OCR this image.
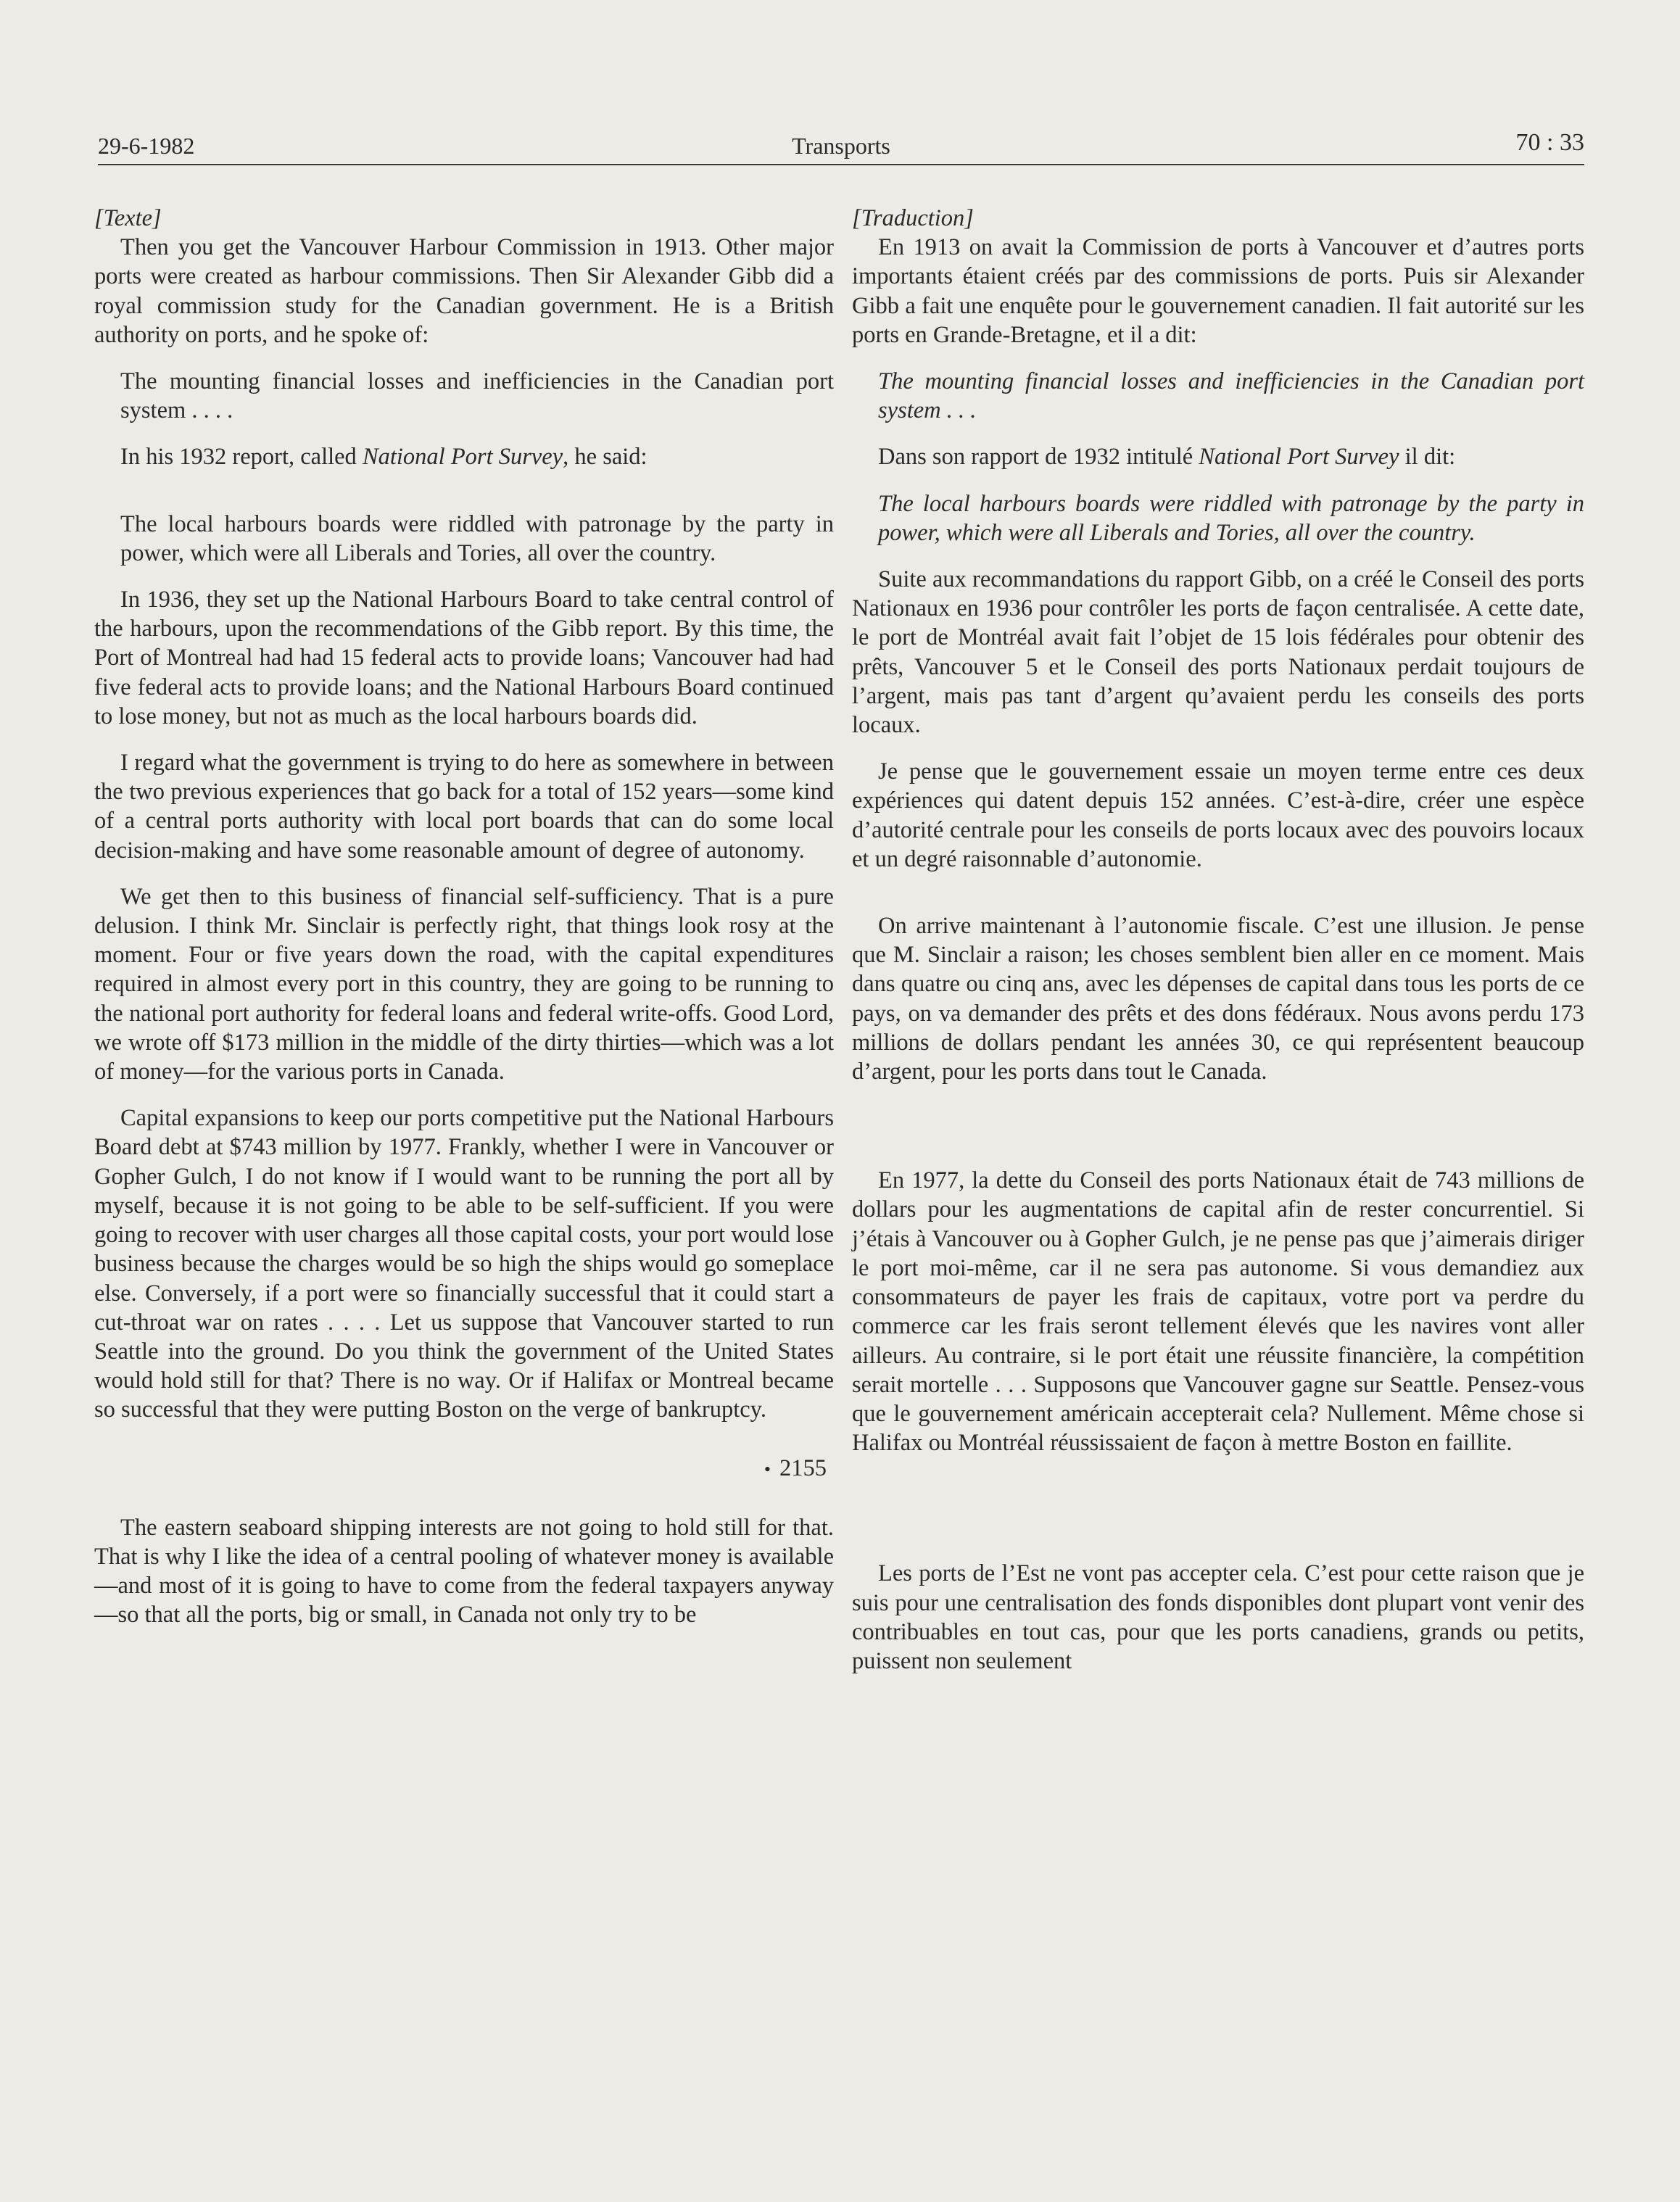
29-6-1982	Transports	70 : 33

[Texte]

Then you get the Vancouver Harbour Commission in 1913. Other major ports were created as harbour commissions. Then Sir Alexander Gibb did a royal commission study for the Canadian government. He is a British authority on ports, and he spoke of:

The mounting financial losses and inefficiencies in the Canadian port system . . . .

In his 1932 report, called National Port Survey, he said:

The local harbours boards were riddled with patronage by the party in power, which were all Liberals and Tories, all over the country.

In 1936, they set up the National Harbours Board to take central control of the harbours, upon the recommendations of the Gibb report. By this time, the Port of Montreal had had 15 federal acts to provide loans; Vancouver had had five federal acts to provide loans; and the National Harbours Board continued to lose money, but not as much as the local harbours boards did.

I regard what the government is trying to do here as somewhere in between the two previous experiences that go back for a total of 152 years—some kind of a central ports authority with local port boards that can do some local decision-making and have some reasonable amount of degree of autonomy.

We get then to this business of financial self-sufficiency. That is a pure delusion. I think Mr. Sinclair is perfectly right, that things look rosy at the moment. Four or five years down the road, with the capital expenditures required in almost every port in this country, they are going to be running to the national port authority for federal loans and federal write-offs. Good Lord, we wrote off $173 million in the middle of the dirty thirties—which was a lot of money—for the various ports in Canada.

Capital expansions to keep our ports competitive put the National Harbours Board debt at $743 million by 1977. Frankly, whether I were in Vancouver or Gopher Gulch, I do not know if I would want to be running the port all by myself, because it is not going to be able to be self-sufficient. If you were going to recover with user charges all those capital costs, your port would lose business because the charges would be so high the ships would go someplace else. Conversely, if a port were so financially successful that it could start a cut-throat war on rates . . . . Let us suppose that Vancouver started to run Seattle into the ground. Do you think the government of the United States would hold still for that? There is no way. Or if Halifax or Montreal became so successful that they were putting Boston on the verge of bankruptcy.

• 2155

The eastern seaboard shipping interests are not going to hold still for that. That is why I like the idea of a central pooling of whatever money is available—and most of it is going to have to come from the federal taxpayers anyway—so that all the ports, big or small, in Canada not only try to be

[Traduction]

En 1913 on avait la Commission de ports à Vancouver et d’autres ports importants étaient créés par des commissions de ports. Puis sir Alexander Gibb a fait une enquête pour le gouvernement canadien. Il fait autorité sur les ports en Grande-Bretagne, et il a dit:

The mounting financial losses and inefficiencies in the Canadian port system . . .

Dans son rapport de 1932 intitulé National Port Survey il dit:

The local harbours boards were riddled with patronage by the party in power, which were all Liberals and Tories, all over the country.

Suite aux recommandations du rapport Gibb, on a créé le Conseil des ports Nationaux en 1936 pour contrôler les ports de façon centralisée. A cette date, le port de Montréal avait fait l’objet de 15 lois fédérales pour obtenir des prêts, Vancouver 5 et le Conseil des ports Nationaux perdait toujours de l’argent, mais pas tant d’argent qu’avaient perdu les conseils des ports locaux.

Je pense que le gouvernement essaie un moyen terme entre ces deux expériences qui datent depuis 152 années. C’est-à-dire, créer une espèce d’autorité centrale pour les conseils de ports locaux avec des pouvoirs locaux et un degré raisonnable d’autonomie.

On arrive maintenant à l’autonomie fiscale. C’est une illusion. Je pense que M. Sinclair a raison; les choses semblent bien aller en ce moment. Mais dans quatre ou cinq ans, avec les dépenses de capital dans tous les ports de ce pays, on va demander des prêts et des dons fédéraux. Nous avons perdu 173 millions de dollars pendant les années 30, ce qui représentent beaucoup d’argent, pour les ports dans tout le Canada.

En 1977, la dette du Conseil des ports Nationaux était de 743 millions de dollars pour les augmentations de capital afin de rester concurrentiel. Si j’étais à Vancouver ou à Gopher Gulch, je ne pense pas que j’aimerais diriger le port moi-même, car il ne sera pas autonome. Si vous demandiez aux consommateurs de payer les frais de capitaux, votre port va perdre du commerce car les frais seront tellement élevés que les navires vont aller ailleurs. Au contraire, si le port était une réussite financière, la compétition serait mortelle . . . Supposons que Vancouver gagne sur Seattle. Pensez-vous que le gouvernement américain accepterait cela? Nullement. Même chose si Halifax ou Montréal réussissaient de façon à mettre Boston en faillite.

Les ports de l’Est ne vont pas accepter cela. C’est pour cette raison que je suis pour une centralisation des fonds disponibles dont plupart vont venir des contribuables en tout cas, pour que les ports canadiens, grands ou petits, puissent non seulement
